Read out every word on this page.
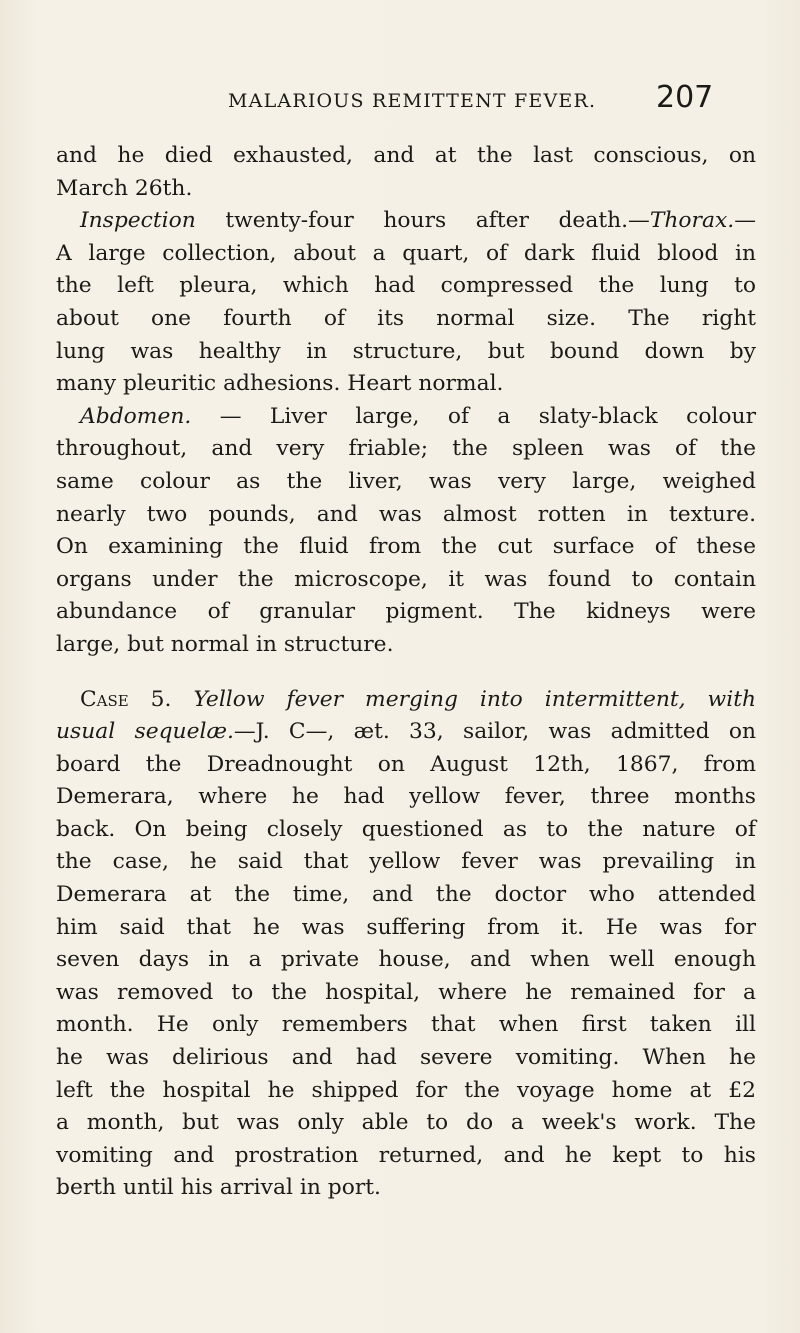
MALARIOUS REMITTENT FEVER. 207
and he died exhausted, and at the last conscious, on
March 26th.
Inspection twenty-four hours after death.—Thorax.—
A large collection, about a quart, of dark fluid blood in
the left pleura, which had compressed the lung to
about one fourth of its normal size. The right
lung was healthy in structure, but bound down by
many pleuritic adhesions. Heart normal.
Abdomen. — Liver large, of a slaty-black colour
throughout, and very friable; the spleen was of the
same colour as the liver, was very large, weighed
nearly two pounds, and was almost rotten in texture.
On examining the fluid from the cut surface of these
organs under the microscope, it was found to contain
abundance of granular pigment. The kidneys were
large, but normal in structure.
Case 5. Yellow fever merging into intermittent, with
usual sequelæ.—J. C—, æt. 33, sailor, was admitted on
board the Dreadnought on August 12th, 1867, from
Demerara, where he had yellow fever, three months
back. On being closely questioned as to the nature of
the case, he said that yellow fever was prevailing in
Demerara at the time, and the doctor who attended
him said that he was suffering from it. He was for
seven days in a private house, and when well enough
was removed to the hospital, where he remained for a
month. He only remembers that when first taken ill
he was delirious and had severe vomiting. When he
left the hospital he shipped for the voyage home at £2
a month, but was only able to do a week's work. The
vomiting and prostration returned, and he kept to his
berth until his arrival in port.
